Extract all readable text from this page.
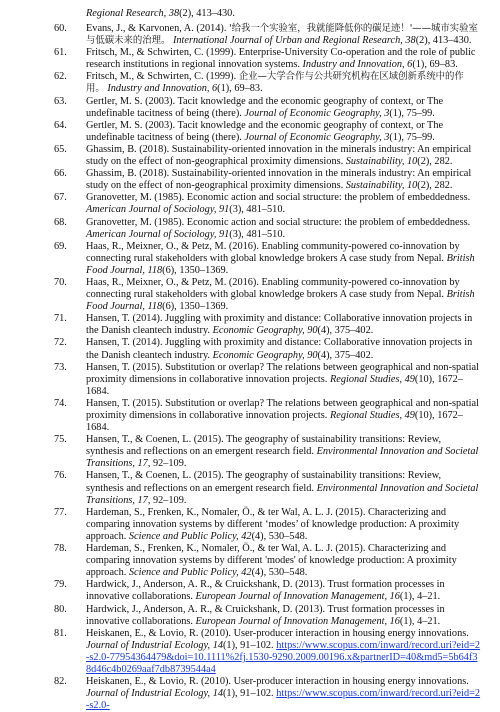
Regional Research, 38(2), 413–430.
60.	Evans, J., & Karvonen, A. (2014). '给我一个实验室，我就能降低你的碳足迹！'——城市实验室与低碳未来的治理。 International Journal of Urban and Regional Research, 38(2), 413–430.
61.	Fritsch, M., & Schwirten, C. (1999). Enterprise-University Co-operation and the role of public research institutions in regional innovation systems. Industry and Innovation, 6(1), 69–83.
62.	Fritsch, M., & Schwirten, C. (1999). 企业—大学合作与公共研究机构在区域创新系统中的作用。 Industry and Innovation, 6(1), 69–83.
63.	Gertler, M. S. (2003). Tacit knowledge and the economic geography of context, or The undefinable tacitness of being (there). Journal of Economic Geography, 3(1), 75–99.
64.	Gertler, M. S. (2003). Tacit knowledge and the economic geography of context, or The undefinable tacitness of being (there). Journal of Economic Geography, 3(1), 75–99.
65.	Ghassim, B. (2018). Sustainability-oriented innovation in the minerals industry: An empirical study on the effect of non-geographical proximity dimensions. Sustainability, 10(2), 282.
66.	Ghassim, B. (2018). Sustainability-oriented innovation in the minerals industry: An empirical study on the effect of non-geographical proximity dimensions. Sustainability, 10(2), 282.
67.	Granovetter, M. (1985). Economic action and social structure: the problem of embeddedness. American Journal of Sociology, 91(3), 481–510.
68.	Granovetter, M. (1985). Economic action and social structure: the problem of embeddedness. American Journal of Sociology, 91(3), 481–510.
69.	Haas, R., Meixner, O., & Petz, M. (2016). Enabling community-powered co-innovation by connecting rural stakeholders with global knowledge brokers A case study from Nepal. British Food Journal, 118(6), 1350–1369.
70.	Haas, R., Meixner, O., & Petz, M. (2016). Enabling community-powered co-innovation by connecting rural stakeholders with global knowledge brokers A case study from Nepal. British Food Journal, 118(6), 1350–1369.
71.	Hansen, T. (2014). Juggling with proximity and distance: Collaborative innovation projects in the Danish cleantech industry. Economic Geography, 90(4), 375–402.
72.	Hansen, T. (2014). Juggling with proximity and distance: Collaborative innovation projects in the Danish cleantech industry. Economic Geography, 90(4), 375–402.
73.	Hansen, T. (2015). Substitution or overlap? The relations between geographical and non-spatial proximity dimensions in collaborative innovation projects. Regional Studies, 49(10), 1672–1684.
74.	Hansen, T. (2015). Substitution or overlap? The relations between geographical and non-spatial proximity dimensions in collaborative innovation projects. Regional Studies, 49(10), 1672–1684.
75.	Hansen, T., & Coenen, L. (2015). The geography of sustainability transitions: Review, synthesis and reflections on an emergent research field. Environmental Innovation and Societal Transitions, 17, 92–109.
76.	Hansen, T., & Coenen, L. (2015). The geography of sustainability transitions: Review, synthesis and reflections on an emergent research field. Environmental Innovation and Societal Transitions, 17, 92–109.
77.	Hardeman, S., Frenken, K., Nomaler, Ö., & ter Wal, A. L. J. (2015). Characterizing and comparing innovation systems by different ‘modes’ of knowledge production: A proximity approach. Science and Public Policy, 42(4), 530–548.
78.	Hardeman, S., Frenken, K., Nomaler, Ö., & ter Wal, A. L. J. (2015). Characterizing and comparing innovation systems by different 'modes' of knowledge production: A proximity approach. Science and Public Policy, 42(4), 530–548.
79.	Hardwick, J., Anderson, A. R., & Cruickshank, D. (2013). Trust formation processes in innovative collaborations. European Journal of Innovation Management, 16(1), 4–21.
80.	Hardwick, J., Anderson, A. R., & Cruickshank, D. (2013). Trust formation processes in innovative collaborations. European Journal of Innovation Management, 16(1), 4–21.
81.	Heiskanen, E., & Lovio, R. (2010). User-producer interaction in housing energy innovations. Journal of Industrial Ecology, 14(1), 91–102. https://www.scopus.com/inward/record.uri?eid=2-s2.0-77954364479&doi=10.1111%2fj.1530-9290.2009.00196.x&partnerID=40&md5=5b64f38d46c4b0269aaf7db8739544a4
82.	Heiskanen, E., & Lovio, R. (2010). User-producer interaction in housing energy innovations. Journal of Industrial Ecology, 14(1), 91–102. https://www.scopus.com/inward/record.uri?eid=2-s2.0-
